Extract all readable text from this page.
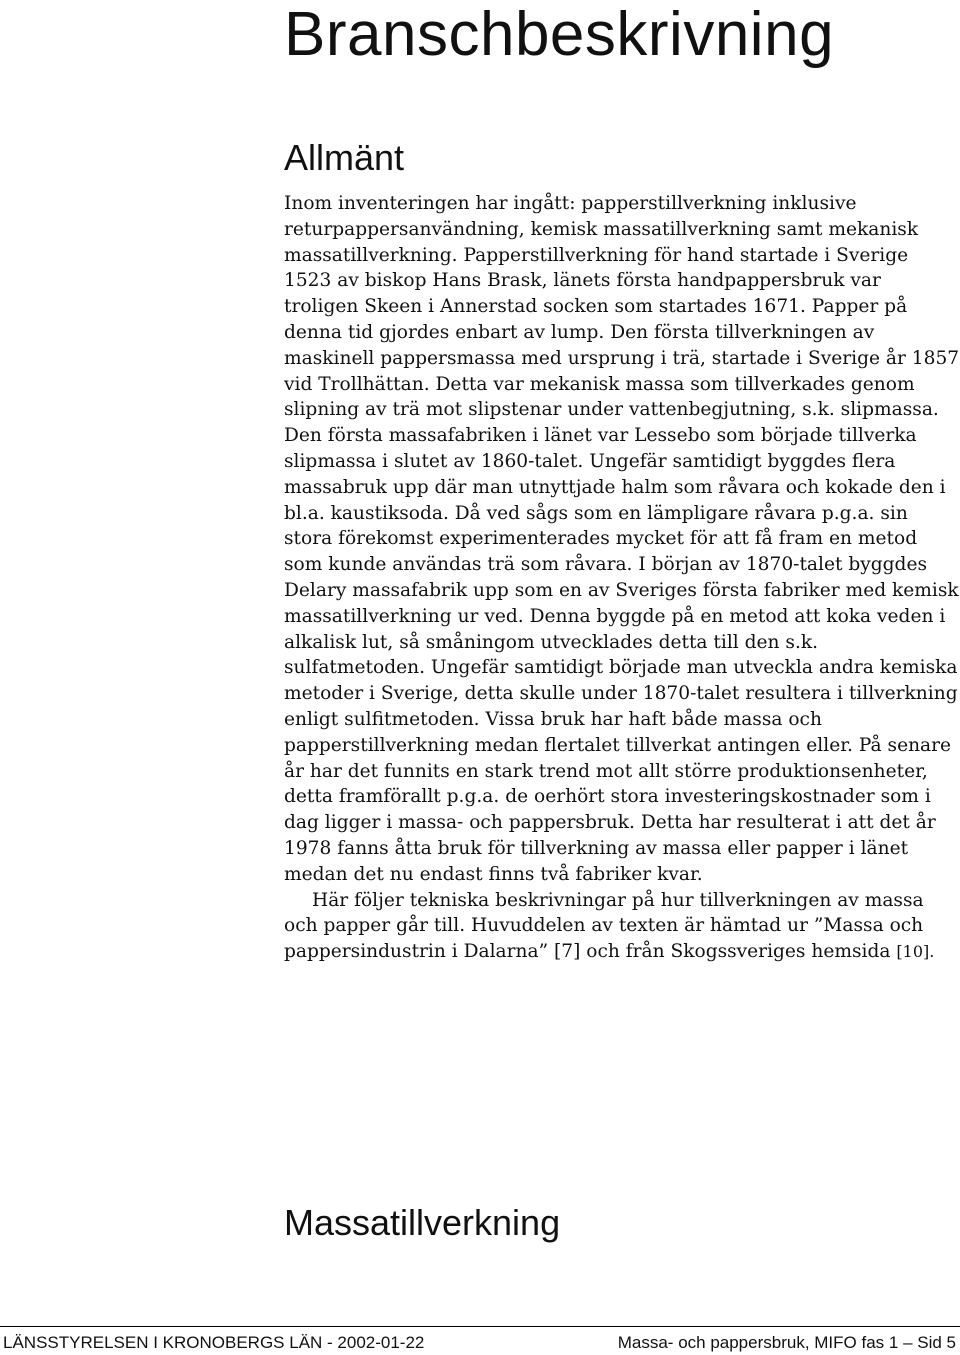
Branschbeskrivning
Allmänt

Inom inventeringen har ingått: papperstillverkning inklusive returpappersanvändning, kemisk massatillverkning samt mekanisk massatillverkning. Papperstillverkning för hand startade i Sverige 1523 av biskop Hans Brask, länets första handpappersbruk var troligen Skeen i Annerstad socken som startades 1671. Papper på denna tid gjordes enbart av lump. Den första tillverkningen av maskinell pappersmassa med ursprung i trä, startade i Sverige år 1857 vid Trollhättan. Detta var mekanisk massa som tillverkades genom slipning av trä mot slipstenar under vattenbegjutning, s.k. slipmassa. Den första massafabriken i länet var Lessebo som började tillverka slipmassa i slutet av 1860-talet. Ungefär samtidigt byggdes flera massabruk upp där man utnyttjade halm som råvara och kokade den i bl.a. kaustiksoda. Då ved sågs som en lämpligare råvara p.g.a. sin stora förekomst experimenterades mycket för att få fram en metod som kunde användas trä som råvara. I början av 1870-talet byggdes Delary massafabrik upp som en av Sveriges första fabriker med kemisk massatillverkning ur ved. Denna byggde på en metod att koka veden i alkalisk lut, så småningom utvecklades detta till den s.k. sulfatmetoden. Ungefär samtidigt började man utveckla andra kemiska metoder i Sverige, detta skulle under 1870-talet resultera i tillverkning enligt sulfitmetoden. Vissa bruk har haft både massa och papperstillverkning medan flertalet tillverkat antingen eller. På senare år har det funnits en stark trend mot allt större produktionsenheter, detta framförallt p.g.a. de oerhört stora investeringskostnader som i dag ligger i massa- och pappersbruk. Detta har resulterat i att det år 1978 fanns åtta bruk för tillverkning av massa eller papper i länet medan det nu endast finns två fabriker kvar.

Här följer tekniska beskrivningar på hur tillverkningen av massa och papper går till. Huvuddelen av texten är hämtad ur ”Massa och pappersindustrin i Dalarna” [7] och från Skogssveriges hemsida [10].

Massatillverkning
LÄNSSTYRELSEN I KRONOBERGS LÄN - 2002-01-22	Massa- och pappersbruk, MIFO fas 1 – Sid 5
